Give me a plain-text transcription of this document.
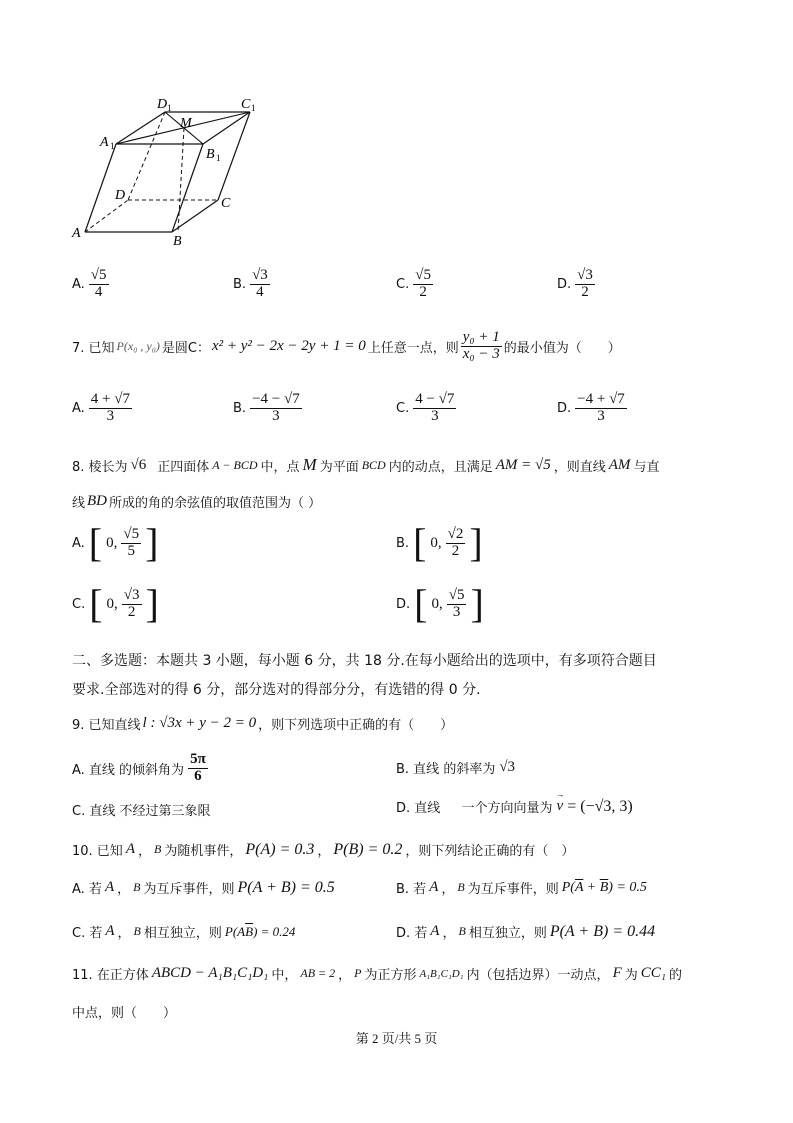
D 1	C 1
A 1
M
B 1
D
C
A
B
A. $\frac{√5}{4}$	B. $\frac{√3}{4}$	C. $\frac{√5}{2}$	D. $\frac{√3}{2}$
7. 已知 P(x₀ , y₀) 是圆C： x² + y² − 2x − 2y + 1 = 0 上任意一点，则 $\frac{\text{y₀ + 1}}{\text{x₀ − 3}}$ 的最小值为（　　）
A. $\frac{4 + √7}{3}$	B. $\frac{-4 - √7}{3}$	C. $\frac{4 - √7}{3}$	D. $\frac{-4 + √7}{3}$
8. 棱长为 √6 正四面体 A − BCD 中，点 M 为平面 BCD 内的动点，且满足 AM = √5 ，则直线 AM 与直
线 BD 所成的角的余弦值的取值范围为（ ）
A. [ 0, $\frac{√5}{5}$ ]	B. [ 0, $\frac{√2}{2}$ ]
C. [ 0, $\frac{√3}{2}$ ]	D. [ 0, $\frac{√5}{3}$ ]
二、多选题：本题共 3 小题，每小题 6 分，共 18 分.在每小题给出的选项中，有多项符合题目
要求.全部选对的得 6 分，部分选对的得部分分，有选错的得 0 分.
9. 已知直线 l : √3x + y − 2 = 0 ，则下列选项中正确的有（　　）
A. 直线 的倾斜角为 $\frac{5\pi}{6}$	B. 直线 的斜率为 √3
C. 直线 不经过第三象限	D. 直线 　 一个方向向量为 → v = (−√3, 3)
10. 已知 A ， B 为随机事件， P(A) = 0.3 ， P(B) = 0.2 ，则下列结论正确的有（　）
A. 若 A ， B 为互斥事件，则 P(A + B) = 0.5	B. 若 A ， B 为互斥事件，则 $P(\overline{A} + \overline{B}) = 0.5$
C. 若 A ， B 相互独立，则 $P(A\overline{B}) = 0.24$	D. 若 A ， B 相互独立，则 P(A + B) = 0.44
11. 在正方体 ABCD − A₁B₁C₁D₁ 中， AB = 2 ， P 为正方形 A₁B₁C₁D₁ 内（包括边界）一动点， F 为 CC₁ 的
中点，则（　　）
第 2 页/共 5 页
